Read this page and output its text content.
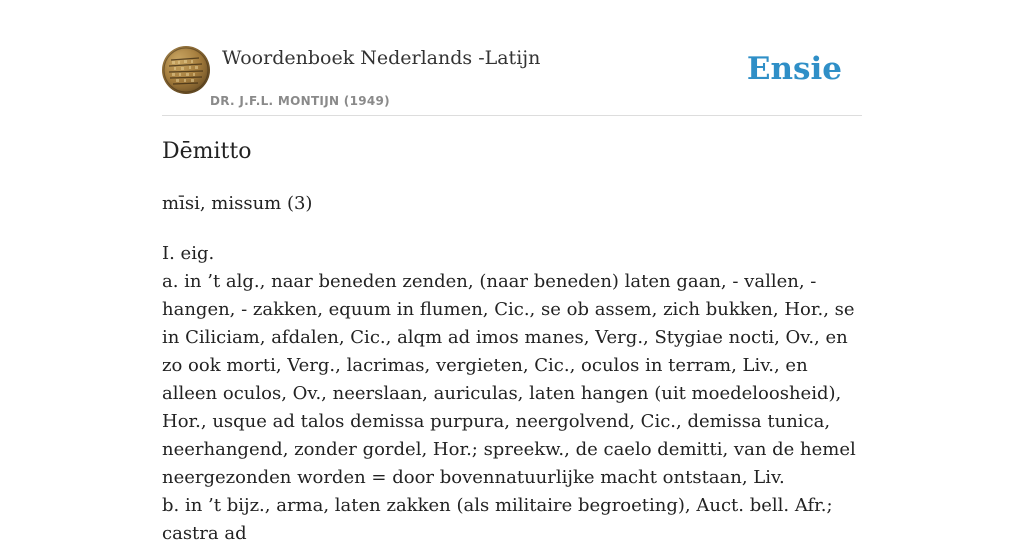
Woordenboek Nederlands -Latijn
DR. J.F.L. MONTIJN (1949)
Ensie
Dēmitto

mīsi, missum (3)

I. eig.

a. in ’t alg., naar beneden zenden, (naar beneden) laten gaan, - vallen, - hangen, - zakken, equum in flumen, Cic., se ob assem, zich bukken, Hor., se in Ciliciam, afdalen, Cic., alqm ad imos manes, Verg., Stygiae nocti, Ov., en zo ook morti, Verg., lacrimas, vergieten, Cic., oculos in terram, Liv., en alleen oculos, Ov., neerslaan, auriculas, laten hangen (uit moedeloosheid), Hor., usque ad talos demissa purpura, neergolvend, Cic., demissa tunica, neerhangend, zonder gordel, Hor.; spreekw., de caelo demitti, van de hemel neergezonden worden = door bovennatuurlijke macht ontstaan, Liv.

b. in ’t bijz., arma, laten zakken (als militaire begroeting), Auct. bell. Afr.; castra ad
